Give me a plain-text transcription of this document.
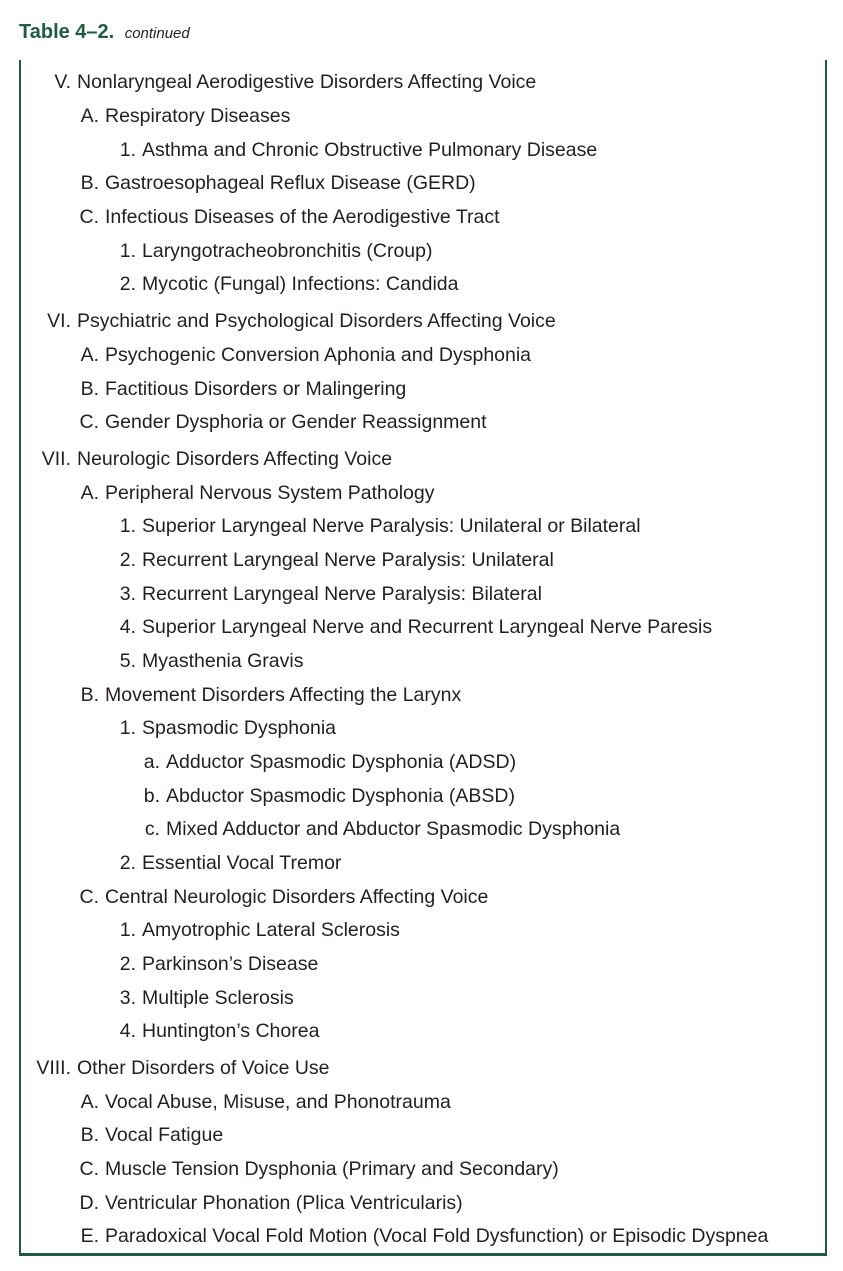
Table 4–2. continued
V. Nonlaryngeal Aerodigestive Disorders Affecting Voice
A. Respiratory Diseases
1. Asthma and Chronic Obstructive Pulmonary Disease
B. Gastroesophageal Reflux Disease (GERD)
C. Infectious Diseases of the Aerodigestive Tract
1. Laryngotracheobronchitis (Croup)
2. Mycotic (Fungal) Infections: Candida
VI. Psychiatric and Psychological Disorders Affecting Voice
A. Psychogenic Conversion Aphonia and Dysphonia
B. Factitious Disorders or Malingering
C. Gender Dysphoria or Gender Reassignment
VII. Neurologic Disorders Affecting Voice
A. Peripheral Nervous System Pathology
1. Superior Laryngeal Nerve Paralysis: Unilateral or Bilateral
2. Recurrent Laryngeal Nerve Paralysis: Unilateral
3. Recurrent Laryngeal Nerve Paralysis: Bilateral
4. Superior Laryngeal Nerve and Recurrent Laryngeal Nerve Paresis
5. Myasthenia Gravis
B. Movement Disorders Affecting the Larynx
1. Spasmodic Dysphonia
a. Adductor Spasmodic Dysphonia (ADSD)
b. Abductor Spasmodic Dysphonia (ABSD)
c. Mixed Adductor and Abductor Spasmodic Dysphonia
2. Essential Vocal Tremor
C. Central Neurologic Disorders Affecting Voice
1. Amyotrophic Lateral Sclerosis
2. Parkinson’s Disease
3. Multiple Sclerosis
4. Huntington’s Chorea
VIII. Other Disorders of Voice Use
A. Vocal Abuse, Misuse, and Phonotrauma
B. Vocal Fatigue
C. Muscle Tension Dysphonia (Primary and Secondary)
D. Ventricular Phonation (Plica Ventricularis)
E. Paradoxical Vocal Fold Motion (Vocal Fold Dysfunction) or Episodic Dyspnea
